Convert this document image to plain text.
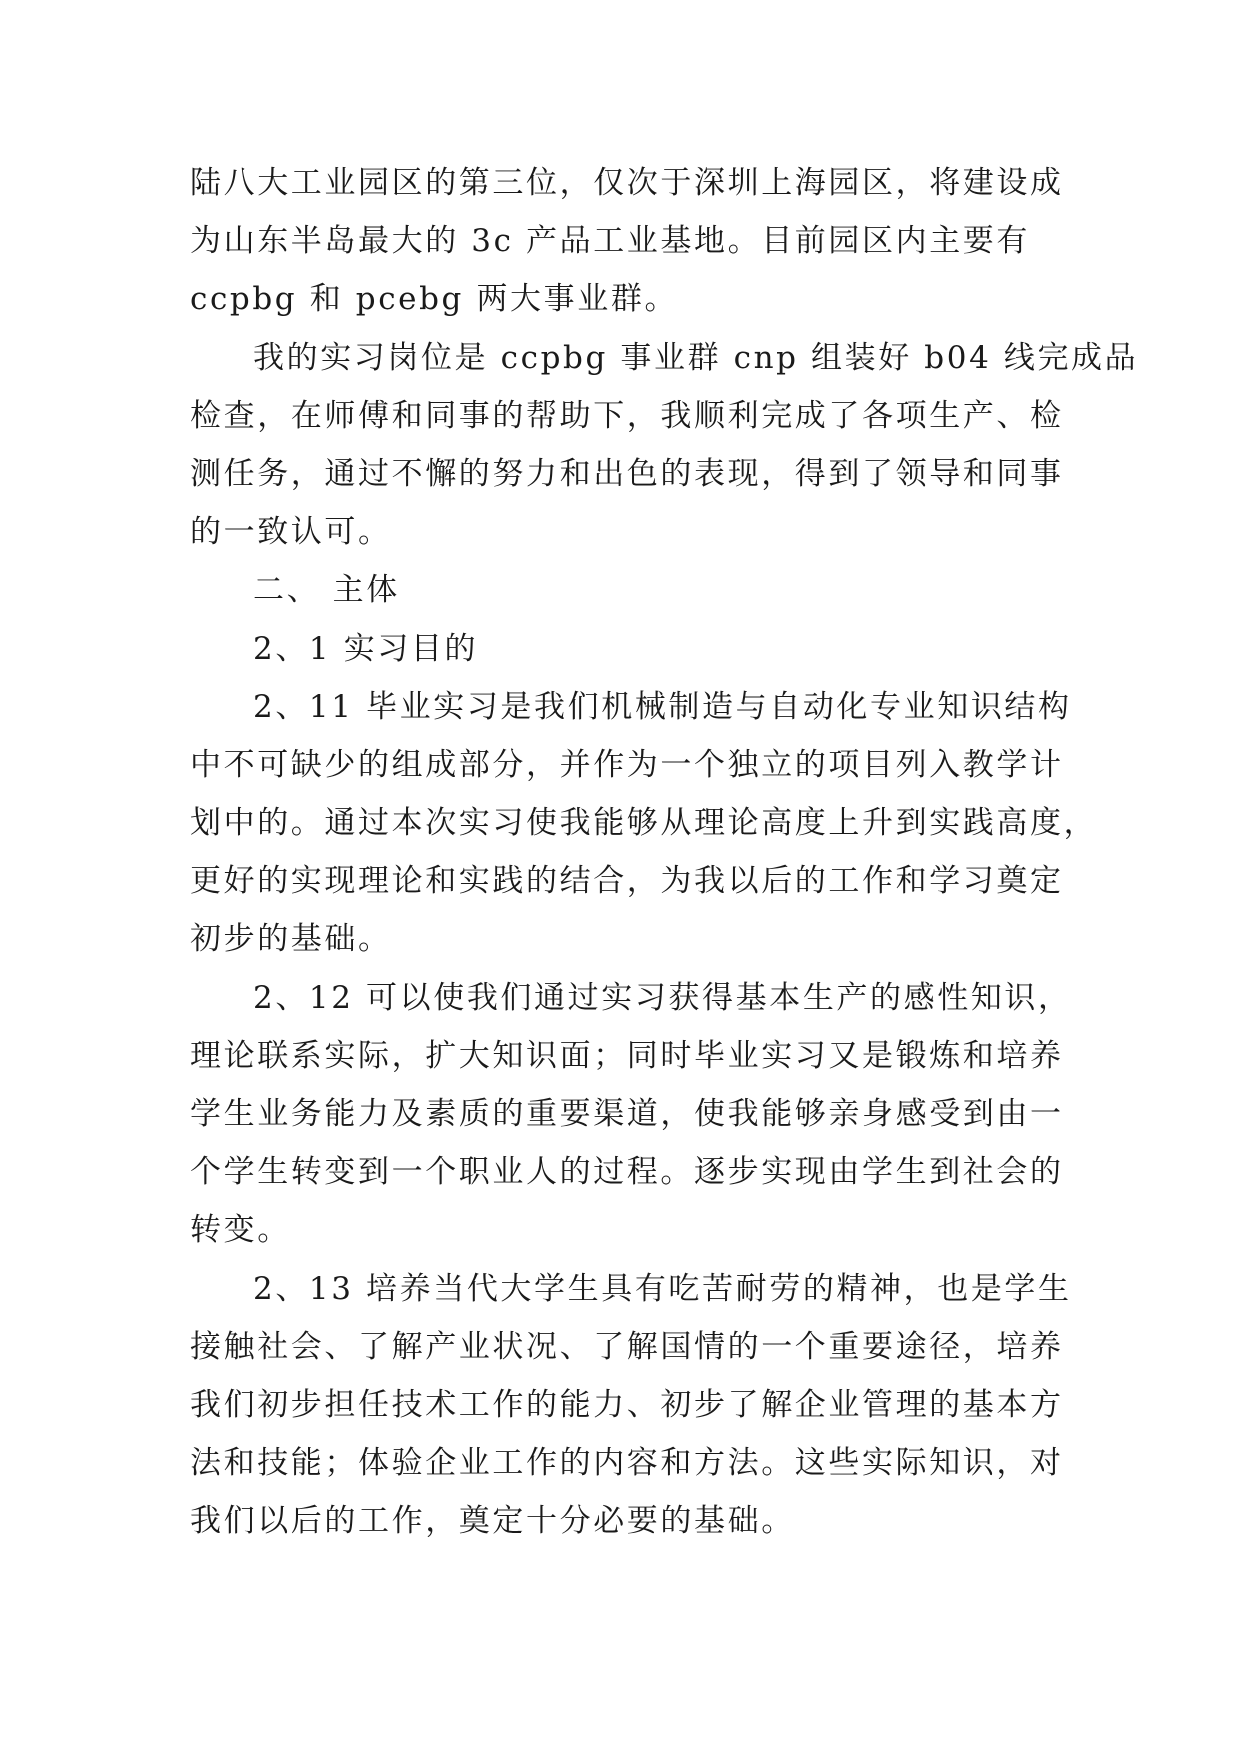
陆八大工业园区的第三位，仅次于深圳上海园区，将建设成
为山东半岛最大的 3c 产品工业基地。目前园区内主要有
ccpbg 和 pcebg 两大事业群。
我的实习岗位是 ccpbg 事业群 cnp 组装好 b04 线完成品
检查，在师傅和同事的帮助下，我顺利完成了各项生产、检
测任务，通过不懈的努力和出色的表现，得到了领导和同事
的一致认可。
二、 主体
2、1 实习目的
2、11 毕业实习是我们机械制造与自动化专业知识结构
中不可缺少的组成部分，并作为一个独立的项目列入教学计
划中的。通过本次实习使我能够从理论高度上升到实践高度，
更好的实现理论和实践的结合，为我以后的工作和学习奠定
初步的基础。
2、12 可以使我们通过实习获得基本生产的感性知识，
理论联系实际，扩大知识面；同时毕业实习又是锻炼和培养
学生业务能力及素质的重要渠道，使我能够亲身感受到由一
个学生转变到一个职业人的过程。逐步实现由学生到社会的
转变。
2、13 培养当代大学生具有吃苦耐劳的精神，也是学生
接触社会、了解产业状况、了解国情的一个重要途径，培养
我们初步担任技术工作的能力、初步了解企业管理的基本方
法和技能；体验企业工作的内容和方法。这些实际知识，对
我们以后的工作，奠定十分必要的基础。
